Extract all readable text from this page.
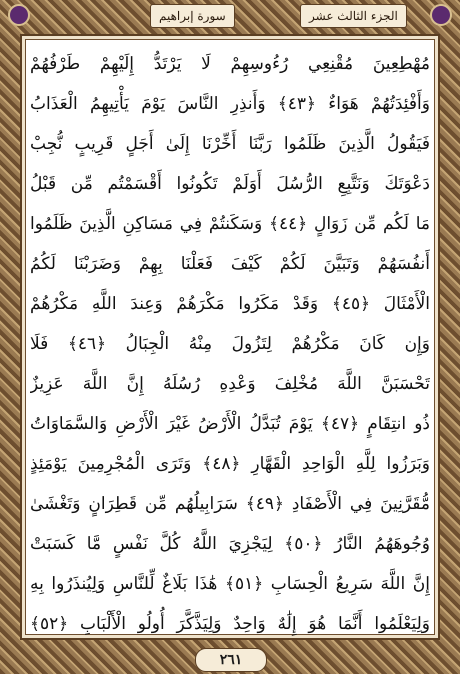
الجزء الثالث عشر
سورة إبراهيم
مُهْطِعِينَ مُقْنِعِي رُءُوسِهِمْ لَا يَرْتَدُّ إِلَيْهِمْ طَرْفُهُمْ
وَأَفْئِدَتُهُمْ هَوَاءٌ ﴿٤٣﴾ وَأَنذِرِ النَّاسَ يَوْمَ يَأْتِيهِمُ الْعَذَابُ
فَيَقُولُ الَّذِينَ ظَلَمُوا رَبَّنَا أَخِّرْنَا إِلَىٰ أَجَلٍ قَرِيبٍ نُّجِبْ
دَعْوَتَكَ وَنَتَّبِعِ الرُّسُلَ أَوَلَمْ تَكُونُوا أَقْسَمْتُم مِّن قَبْلُ
مَا لَكُم مِّن زَوَالٍ ﴿٤٤﴾ وَسَكَنتُمْ فِي مَسَاكِنِ الَّذِينَ ظَلَمُوا
أَنفُسَهُمْ وَتَبَيَّنَ لَكُمْ كَيْفَ فَعَلْنَا بِهِمْ وَضَرَبْنَا لَكُمُ
الْأَمْثَالَ ﴿٤٥﴾ وَقَدْ مَكَرُوا مَكْرَهُمْ وَعِندَ اللَّهِ مَكْرُهُمْ
وَإِن كَانَ مَكْرُهُمْ لِتَزُولَ مِنْهُ الْجِبَالُ ﴿٤٦﴾ فَلَا
تَحْسَبَنَّ اللَّهَ مُخْلِفَ وَعْدِهِ رُسُلَهُ إِنَّ اللَّهَ عَزِيزٌ
ذُو انتِقَامٍ ﴿٤٧﴾ يَوْمَ تُبَدَّلُ الْأَرْضُ غَيْرَ الْأَرْضِ وَالسَّمَاوَاتُ
وَبَرَزُوا لِلَّهِ الْوَاحِدِ الْقَهَّارِ ﴿٤٨﴾ وَتَرَى الْمُجْرِمِينَ يَوْمَئِذٍ
مُّقَرَّنِينَ فِي الْأَصْفَادِ ﴿٤٩﴾ سَرَابِيلُهُم مِّن قَطِرَانٍ وَتَغْشَىٰ
وُجُوهَهُمُ النَّارُ ﴿٥٠﴾ لِيَجْزِيَ اللَّهُ كُلَّ نَفْسٍ مَّا كَسَبَتْ
إِنَّ اللَّهَ سَرِيعُ الْحِسَابِ ﴿٥١﴾ هَٰذَا بَلَاغٌ لِّلنَّاسِ وَلِيُنذَرُوا بِهِ
وَلِيَعْلَمُوا أَنَّمَا هُوَ إِلَٰهٌ وَاحِدٌ وَلِيَذَّكَّرَ أُولُو الْأَلْبَابِ ﴿٥٢﴾
٢٦١
